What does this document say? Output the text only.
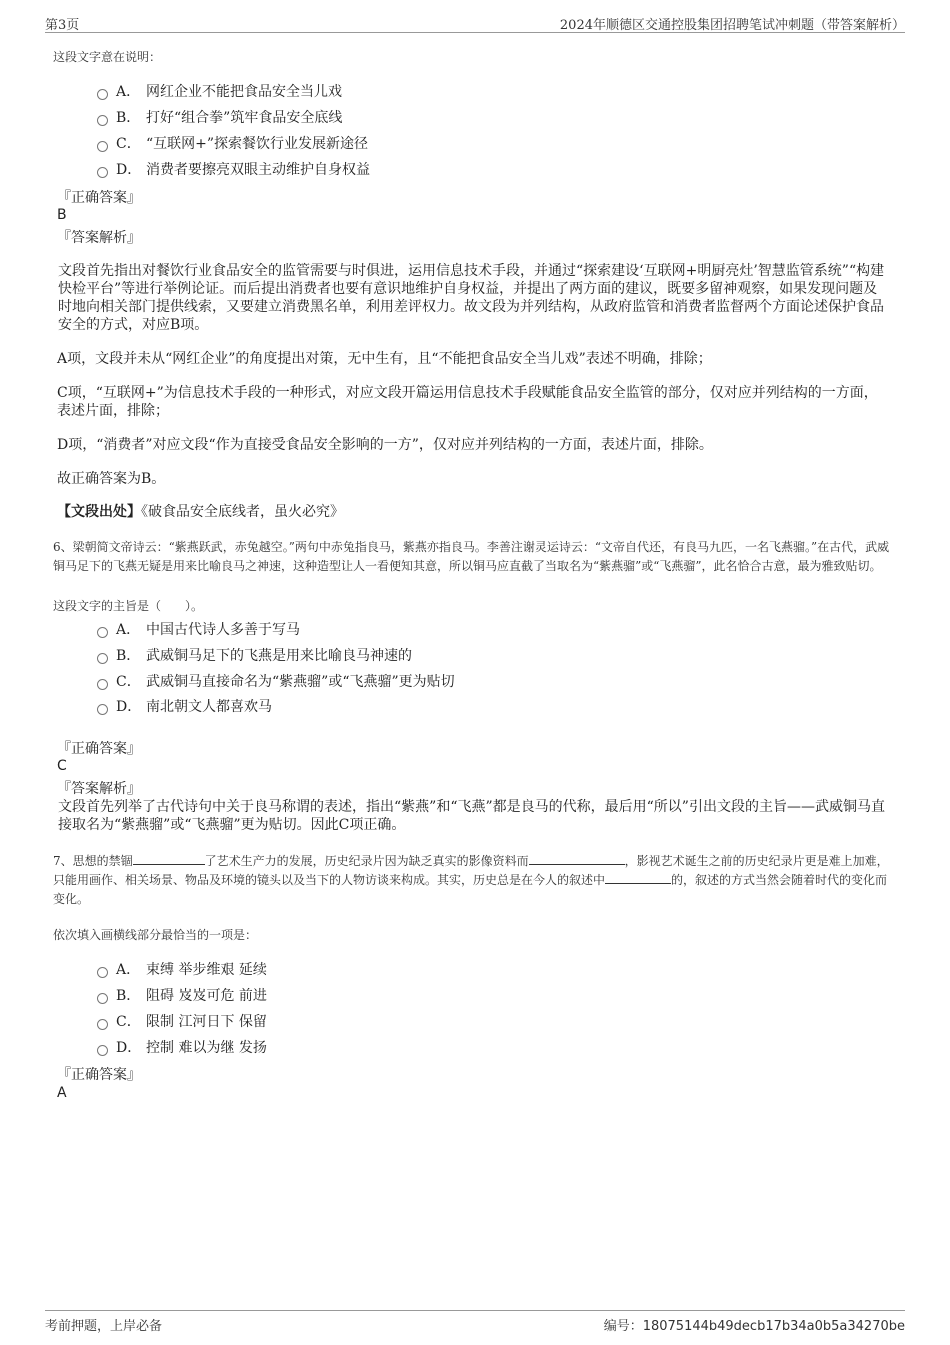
第3页	2024年顺德区交通控股集团招聘笔试冲刺题（带答案解析）
这段文字意在说明：
A． 网红企业不能把食品安全当儿戏
B． 打好“组合拳”筑牢食品安全底线
C． “互联网+”探索餐饮行业发展新途径
D． 消费者要擦亮双眼主动维护自身权益
『正确答案』
B
『答案解析』
文段首先指出对餐饮行业食品安全的监管需要与时俱进，运用信息技术手段，并通过“探索建设‘互联网+明厨亮灶’智慧监管系统”“构建快检平台”等进行举例论证。而后提出消费者也要有意识地维护自身权益，并提出了两方面的建议，既要多留神观察，如果发现问题及时地向相关部门提供线索，又要建立消费黑名单，利用差评权力。故文段为并列结构，从政府监管和消费者监督两个方面论述保护食品安全的方式，对应B项。
A项，文段并未从“网红企业”的角度提出对策，无中生有，且“不能把食品安全当儿戏”表述不明确，排除；
C项，“互联网+”为信息技术手段的一种形式，对应文段开篇运用信息技术手段赋能食品安全监管的部分，仅对应并列结构的一方面，表述片面，排除；
D项，“消费者”对应文段“作为直接受食品安全影响的一方”，仅对应并列结构的一方面，表述片面，排除。
故正确答案为B。
【文段出处】《破食品安全底线者，虽火必究》
6、梁朝简文帝诗云：“紫燕跃武，赤兔越空。”两句中赤兔指良马，紫燕亦指良马。李善注谢灵运诗云：“文帝自代还，有良马九匹，一名飞燕骝。”在古代，武威铜马足下的飞燕无疑是用来比喻良马之神速，这种造型让人一看便知其意，所以铜马应直截了当取名为“紫燕骝”或“飞燕骝”，此名恰合古意，最为雅致贴切。
这段文字的主旨是（　　）。
A． 中国古代诗人多善于写马
B． 武威铜马足下的飞燕是用来比喻良马神速的
C． 武威铜马直接命名为“紫燕骝”或“飞燕骝”更为贴切
D． 南北朝文人都喜欢马
『正确答案』
C
『答案解析』
文段首先列举了古代诗句中关于良马称谓的表述，指出“紫燕”和“飞燕”都是良马的代称，最后用“所以”引出文段的主旨——武威铜马直接取名为“紫燕骝”或“飞燕骝”更为贴切。因此C项正确。
7、思想的禁锢	了艺术生产力的发展，历史纪录片因为缺乏真实的影像资料而	，影视艺术诞生之前的历史纪录片更是难上加难，只能用画作、相关场景、物品及环境的镜头以及当下的人物访谈来构成。其实，历史总是在今人的叙述中	的，叙述的方式当然会随着时代的变化而变化。
依次填入画横线部分最恰当的一项是：
A． 束缚 举步维艰 延续
B． 阻碍 岌岌可危 前进
C． 限制 江河日下 保留
D． 控制 难以为继 发扬
『正确答案』
A
考前押题，上岸必备	编号：18075144b49decb17b34a0b5a34270be
